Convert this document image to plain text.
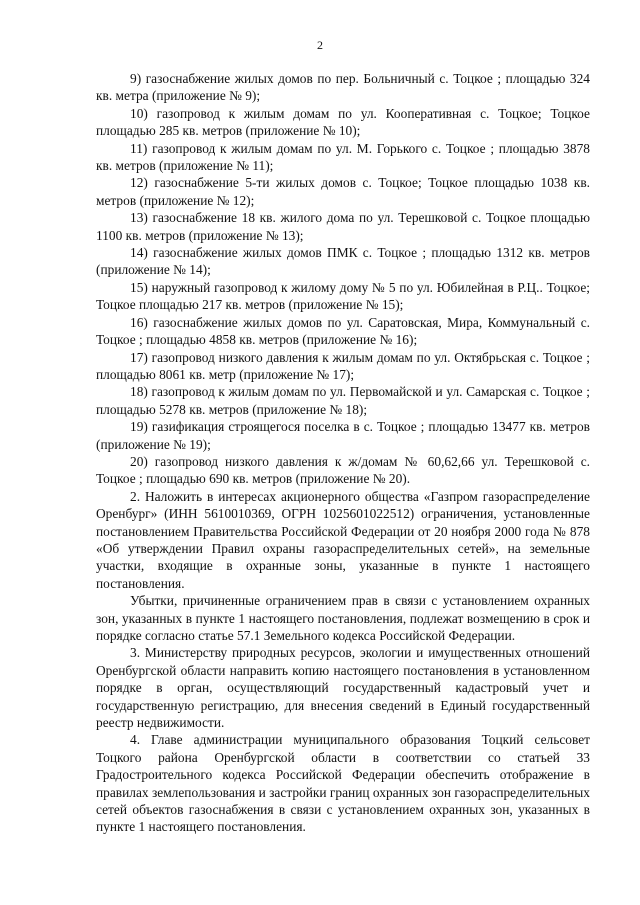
2

9) газоснабжение жилых домов по пер. Больничный с. Тоцкое ; площадью 324 кв. метра (приложение № 9);

10) газопровод к жилым домам по ул. Кооперативная с. Тоцкое; Тоцкое площадью 285 кв. метров (приложение № 10);

11) газопровод к жилым домам по ул. М. Горького с. Тоцкое ; площадью 3878 кв. метров (приложение № 11);

12) газоснабжение 5-ти жилых домов с. Тоцкое; Тоцкое площадью 1038 кв. метров (приложение № 12);

13) газоснабжение 18 кв. жилого дома по ул. Терешковой с. Тоцкое площадью 1100 кв. метров (приложение № 13);

14) газоснабжение жилых домов ПМК с. Тоцкое ; площадью 1312 кв. метров (приложение № 14);

15) наружный газопровод к жилому дому № 5 по ул. Юбилейная в Р.Ц.. Тоцкое; Тоцкое площадью 217 кв. метров (приложение № 15);

16) газоснабжение жилых домов по ул. Саратовская, Мира, Коммунальный с. Тоцкое ; площадью 4858 кв. метров (приложение № 16);

17) газопровод низкого давления к жилым домам по ул. Октябрьская с. Тоцкое ; площадью 8061 кв. метр (приложение № 17);

18) газопровод к жилым домам по ул. Первомайской и ул. Самарская с. Тоцкое ; площадью 5278 кв. метров (приложение № 18);

19) газификация строящегося поселка в с. Тоцкое ; площадью 13477 кв. метров (приложение № 19);

20) газопровод низкого давления к ж/домам № 60,62,66 ул. Терешковой с. Тоцкое ; площадью 690 кв. метров (приложение № 20).

2. Наложить в интересах акционерного общества «Газпром газораспределение Оренбург» (ИНН 5610010369, ОГРН 1025601022512) ограничения, установленные постановлением Правительства Российской Федерации от 20 ноября 2000 года № 878 «Об утверждении Правил охраны газораспределительных сетей», на земельные участки, входящие в охранные зоны, указанные в пункте 1 настоящего постановления.

Убытки, причиненные ограничением прав в связи с установлением охранных зон, указанных в пункте 1 настоящего постановления, подлежат возмещению в срок и порядке согласно статье 57.1 Земельного кодекса Российской Федерации.

3. Министерству природных ресурсов, экологии и имущественных отношений Оренбургской области направить копию настоящего постановления в установленном порядке в орган, осуществляющий государственный кадастровый учет и государственную регистрацию, для внесения сведений в Единый государственный реестр недвижимости.

4. Главе администрации муниципального образования Тоцкий сельсовет Тоцкого района Оренбургской области в соответствии со статьей 33 Градостроительного кодекса Российской Федерации обеспечить отображение в правилах землепользования и застройки границ охранных зон газораспределительных сетей объектов газоснабжения в связи с установлением охранных зон, указанных в пункте 1 настоящего постановления.
